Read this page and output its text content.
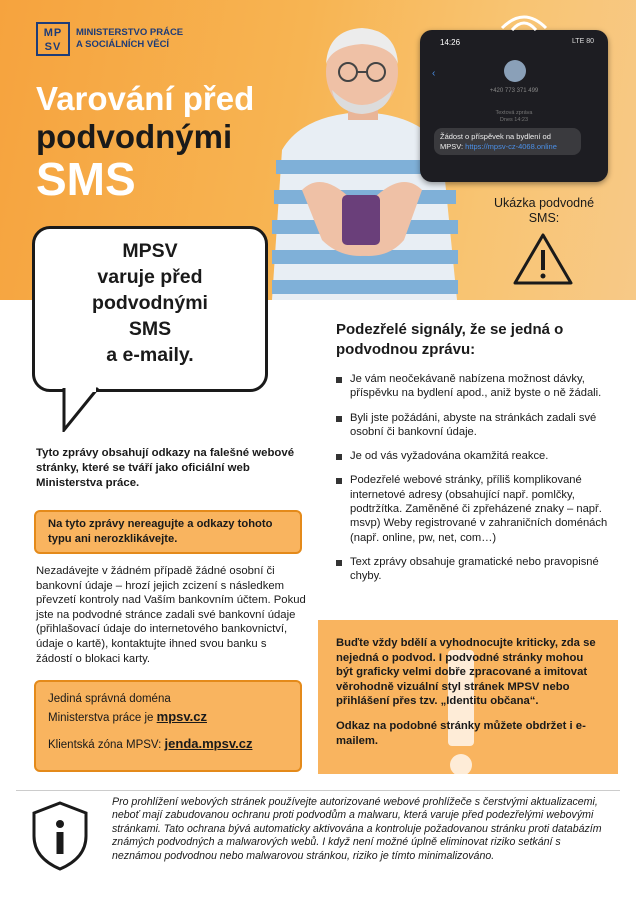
MP
SV
MINISTERSTVO PRÁCE
A SOCIÁLNÍCH VĚCÍ
Varování před
podvodnými
SMS
14:26	LTE 80
‹
+420 773 371 499
Textová zpráva
Dnes 14:23
Žádost o příspěvek na bydlení od MPSV: https://mpsv-cz-4068.online
Ukázka podvodné SMS:
MPSV
varuje před
podvodnými
SMS
a e-maily.
Tyto zprávy obsahují odkazy na falešné webové stránky, které se tváří jako oficiální web Ministerstva práce.
Na tyto zprávy nereagujte a odkazy tohoto typu ani nerozklikávejte.
Nezadávejte v žádném případě žádné osobní či bankovní údaje – hrozí jejich zcizení s následkem převzetí kontroly nad Vaším bankovním účtem. Pokud jste na podvodné stránce zadali své bankovní údaje (přihlašovací údaje do internetového bankovnictví, údaje o kartě), kontaktujte ihned svou banku s žádostí o blokaci karty.
Jediná správná doména
Ministerstva práce je mpsv.cz
Klientská zóna MPSV: jenda.mpsv.cz
Podezřelé signály, že se jedná o podvodnou zprávu:
Je vám neočekávaně nabízena možnost dávky, příspěvku na bydlení apod., aniž byste o ně žádali.
Byli jste požádáni, abyste na stránkách zadali své osobní či bankovní údaje.
Je od vás vyžadována okamžitá reakce.
Podezřelé webové stránky, příliš komplikované internetové adresy (obsahující např. pomlčky, podtržítka. Zaměněné či zpřeházené znaky – např. msvp) Weby registrované v zahraničních doménách (např. online, pw, net, com…)
Text zprávy obsahuje gramatické nebo pravopisné chyby.

Buďte vždy bdělí a vyhodnocujte kriticky, zda se nejedná o podvod. I podvodné stránky mohou být graficky velmi dobře zpracované a imitovat věrohodně vizuální styl stránek MPSV nebo přihlášení přes tzv. „Identitu občana“.

Odkaz na podobné stránky můžete obdržet i e-mailem.

Pro prohlížení webových stránek používejte autorizované webové prohlížeče s čerstvými aktualizacemi, neboť mají zabudovanou ochranu proti podvodům a malwaru, která varuje před podezřelými webovými stránkami. Tato ochrana bývá automaticky aktivována a kontroluje požadovanou stránku proti databázím známých podvodných a malwarových webů. I když není možné úplně eliminovat riziko setkání s neznámou podvodnou nebo malwarovou stránkou, riziko je tímto minimalizováno.
